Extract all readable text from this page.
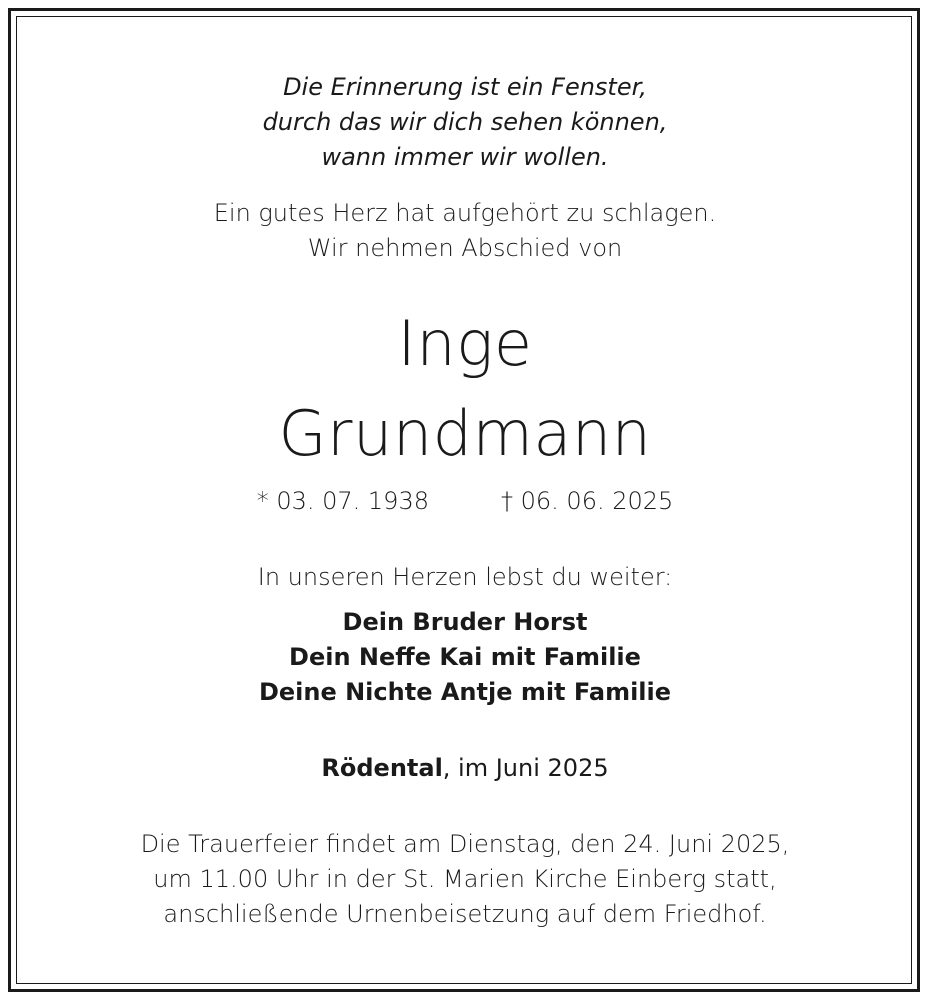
Die Erinnerung ist ein Fenster,
durch das wir dich sehen können,
wann immer wir wollen.
Ein gutes Herz hat aufgehört zu schlagen.
Wir nehmen Abschied von
Inge
Grundmann
* 03. 07. 1938	† 06. 06. 2025
In unseren Herzen lebst du weiter:
Dein Bruder Horst
Dein Neffe Kai mit Familie
Deine Nichte Antje mit Familie
Rödental, im Juni 2025
Die Trauerfeier findet am Dienstag, den 24. Juni 2025,
um 11.00 Uhr in der St. Marien Kirche Einberg statt,
anschließende Urnenbeisetzung auf dem Friedhof.
